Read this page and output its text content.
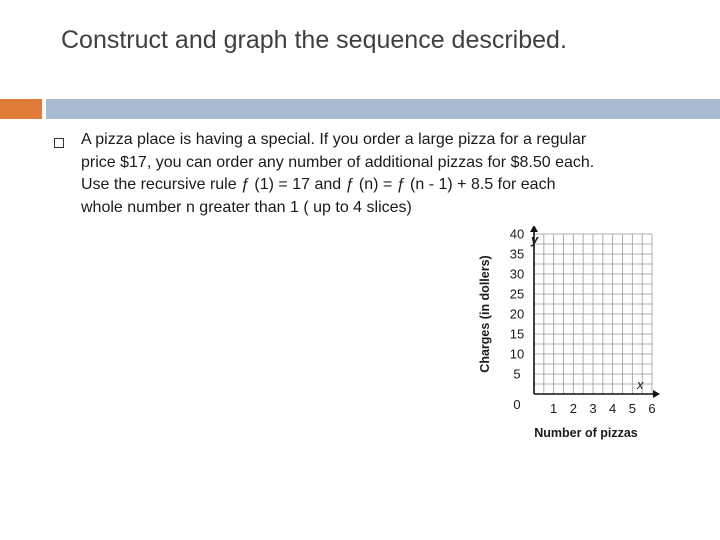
Construct and graph the sequence described.
A pizza place is having a special. If you order a large pizza for a regular
price $17, you can order any number of additional pizzas for $8.50 each.
Use the recursive rule ƒ (1) = 17 and ƒ (n) = ƒ (n - 1) + 8.5 for each
whole number n greater than 1 ( up to 4 slices)
1 2 3 4 5 6
5
10
15
20
25
30
35
40
Charges (in dollers)
Number of pizzas
y
x
0
